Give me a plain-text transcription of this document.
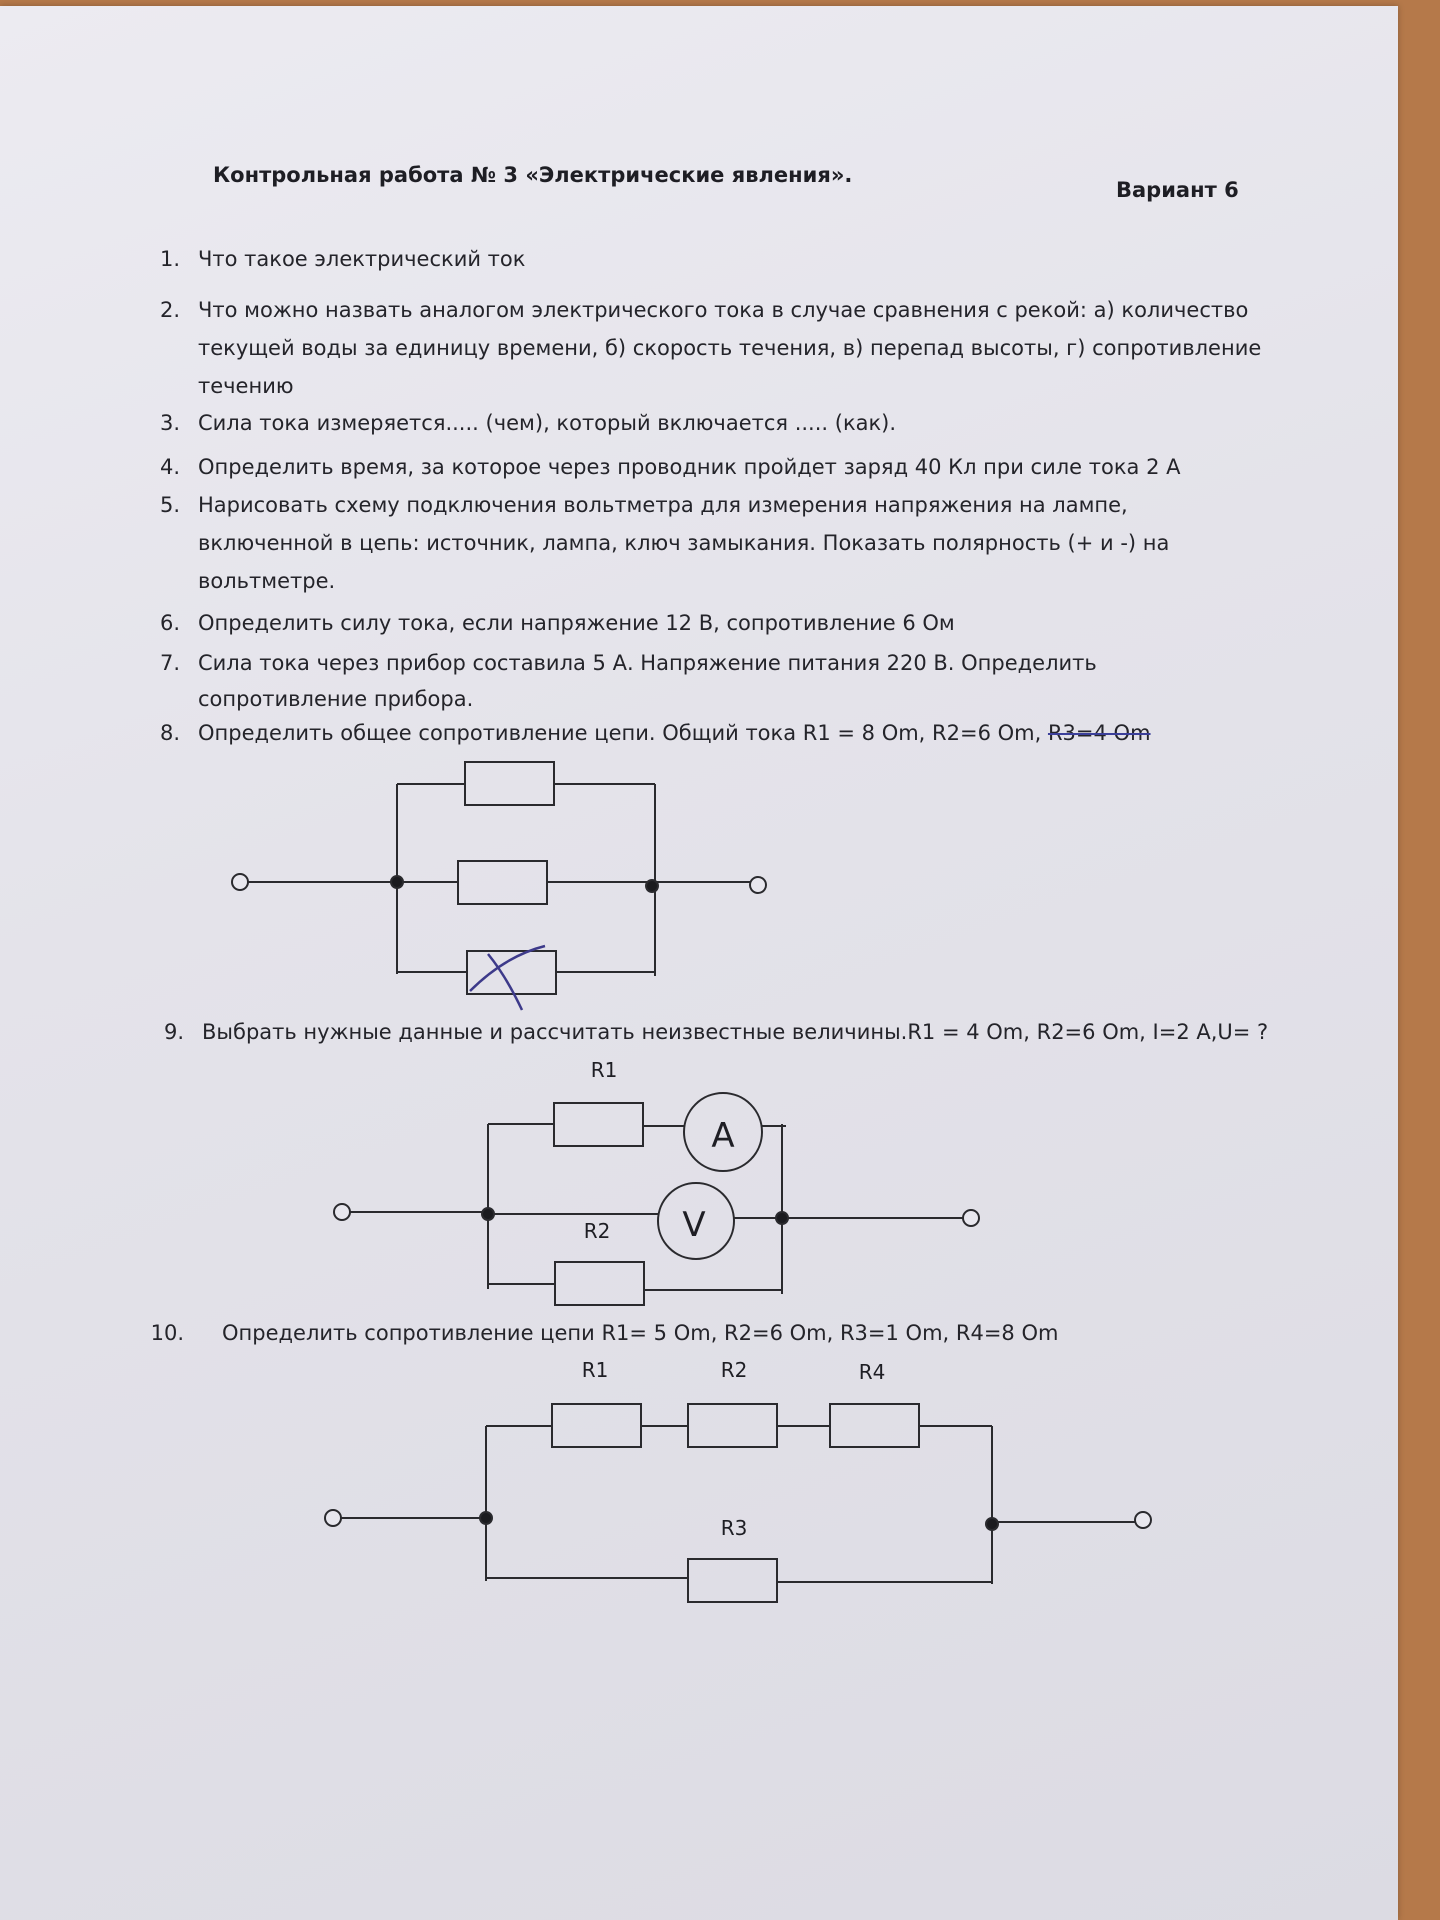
Контрольная работа № 3 «Электрические явления».
Вариант 6
1. Что такое электрический ток
2. Что можно назвать аналогом электрического тока в случае сравнения с рекой: а) количество
текущей воды за единицу времени, б) скорость течения, в) перепад высоты, г) сопротивление
течению
3. Сила тока измеряется..... (чем), который включается ..... (как).
4. Определить время, за которое через проводник пройдет заряд 40 Кл при силе тока 2 А
5. Нарисовать схему подключения вольтметра для измерения напряжения на лампе,
включенной в цепь: источник, лампа, ключ замыкания. Показать полярность (+ и -) на
вольтметре.
6. Определить силу тока, если напряжение 12 В, сопротивление 6 Ом
7. Сила тока через прибор составила 5 А. Напряжение питания 220 В. Определить
сопротивление прибора.
8. Определить общее сопротивление цепи. Общий тока R1 = 8 Om, R2=6 Om, R3=4 Om
9. Выбрать нужные данные и рассчитать неизвестные величины.R1 = 4 Om, R2=6 Om, I=2 A,U= ?
10. Определить сопротивление цепи R1= 5 Om, R2=6 Om, R3=1 Om, R4=8 Om
A
V
R1
R2
R1	R2	R4
R3
